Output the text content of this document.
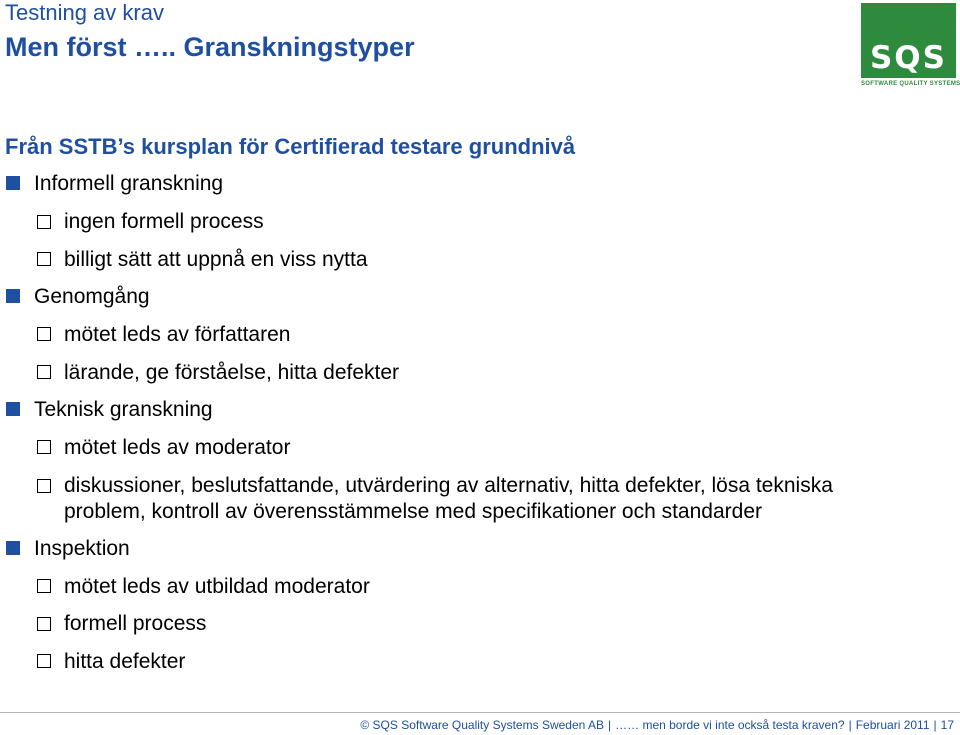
Testning av krav
Men först ….. Granskningstyper	SQS
SOFTWARE QUALITY SYSTEMS
Från SSTB’s kursplan för Certifierad testare grundnivå
Informell granskning
ingen formell process
billigt sätt att uppnå en viss nytta
Genomgång
mötet leds av författaren
lärande, ge förståelse, hitta defekter
Teknisk granskning
mötet leds av moderator
diskussioner, beslutsfattande, utvärdering av alternativ, hitta defekter, lösa tekniska
problem, kontroll av överensstämmelse med specifikationer och standarder
Inspektion
mötet leds av utbildad moderator
formell process
hitta defekter
© SQS Software Quality Systems Sweden AB | …… men borde vi inte också testa kraven? | Februari 2011 | 17
